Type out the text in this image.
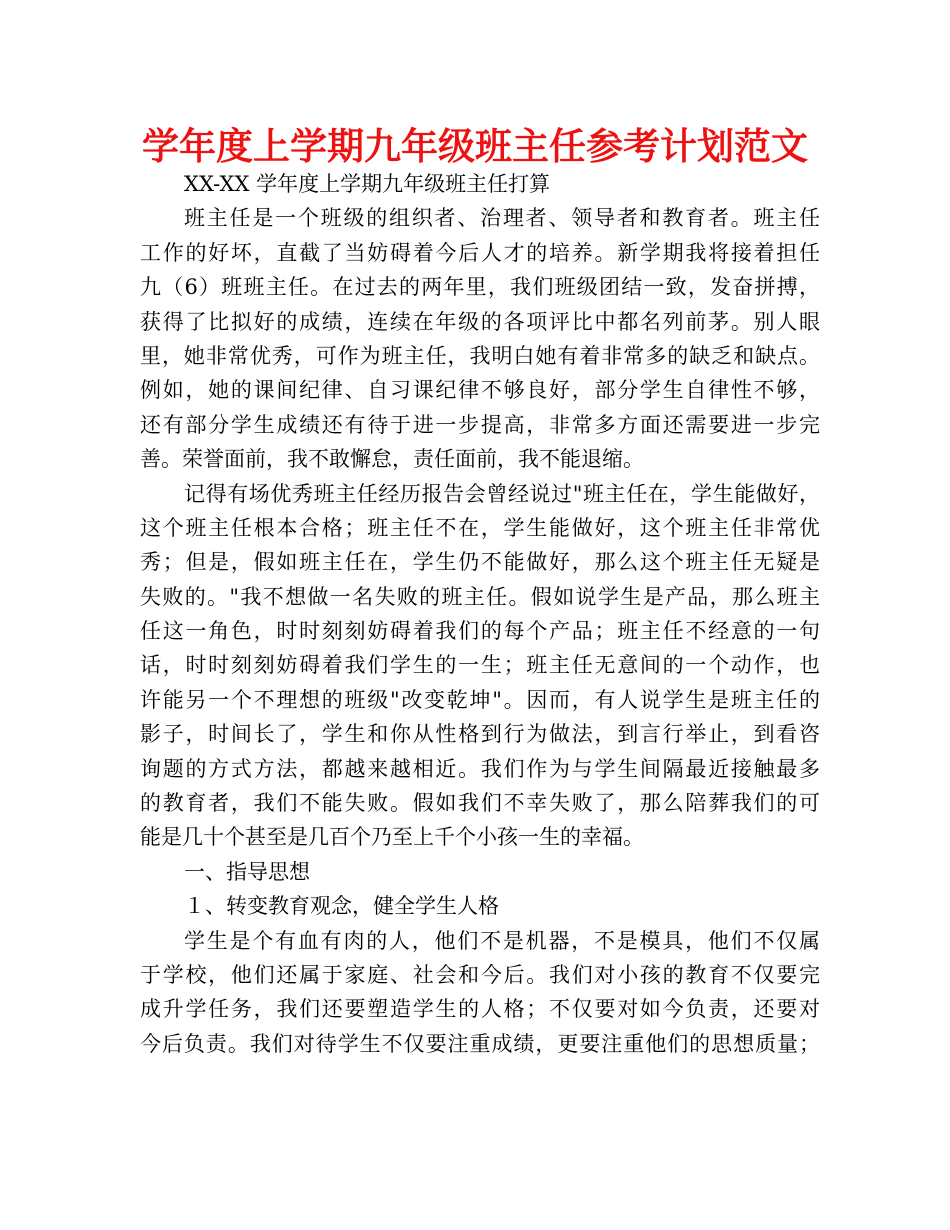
学年度上学期九年级班主任参考计划范文
XX-XX 学年度上学期九年级班主任打算
班主任是一个班级的组织者、治理者、领导者和教育者。班主任
工作的好坏，直截了当妨碍着今后人才的培养。新学期我将接着担任
九（6）班班主任。在过去的两年里，我们班级团结一致，发奋拼搏，
获得了比拟好的成绩，连续在年级的各项评比中都名列前茅。别人眼
里，她非常优秀，可作为班主任，我明白她有着非常多的缺乏和缺点。
例如，她的课间纪律、自习课纪律不够良好，部分学生自律性不够，
还有部分学生成绩还有待于进一步提高，非常多方面还需要进一步完
善。荣誉面前，我不敢懈怠，责任面前，我不能退缩。
记得有场优秀班主任经历报告会曾经说过"班主任在，学生能做好，
这个班主任根本合格；班主任不在，学生能做好，这个班主任非常优
秀；但是，假如班主任在，学生仍不能做好，那么这个班主任无疑是
失败的。"我不想做一名失败的班主任。假如说学生是产品，那么班主
任这一角色，时时刻刻妨碍着我们的每个产品；班主任不经意的一句
话，时时刻刻妨碍着我们学生的一生；班主任无意间的一个动作，也
许能另一个不理想的班级"改变乾坤"。因而，有人说学生是班主任的
影子，时间长了，学生和你从性格到行为做法，到言行举止，到看咨
询题的方式方法，都越来越相近。我们作为与学生间隔最近接触最多
的教育者，我们不能失败。假如我们不幸失败了，那么陪葬我们的可
能是几十个甚至是几百个乃至上千个小孩一生的幸福。
一、指导思想
１、转变教育观念，健全学生人格
学生是个有血有肉的人，他们不是机器，不是模具，他们不仅属
于学校，他们还属于家庭、社会和今后。我们对小孩的教育不仅要完
成升学任务，我们还要塑造学生的人格；不仅要对如今负责，还要对
今后负责。我们对待学生不仅要注重成绩，更要注重他们的思想质量；
